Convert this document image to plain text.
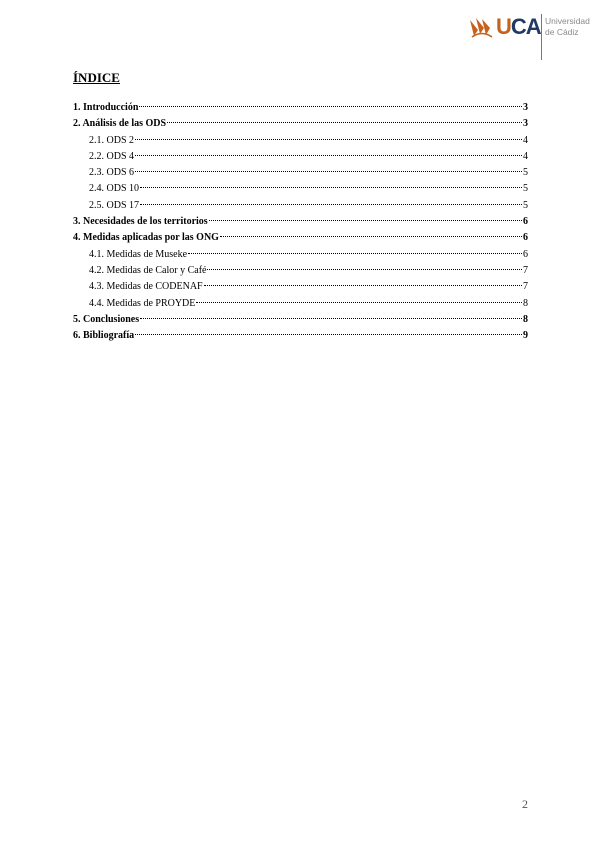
UCA Universidad
de Cádiz
ÍNDICE
1. Introducción	3
2. Análisis de las ODS	3
2.1. ODS 2	4
2.2. ODS 4	4
2.3. ODS 6	5
2.4. ODS 10	5
2.5. ODS 17	5
3. Necesidades de los territorios	6
4. Medidas aplicadas por las ONG	6
4.1. Medidas de Museke	6
4.2. Medidas de Calor y Café	7
4.3. Medidas de CODENAF	7
4.4. Medidas de PROYDE	8
5. Conclusiones	8
6. Bibliografía	9
2
